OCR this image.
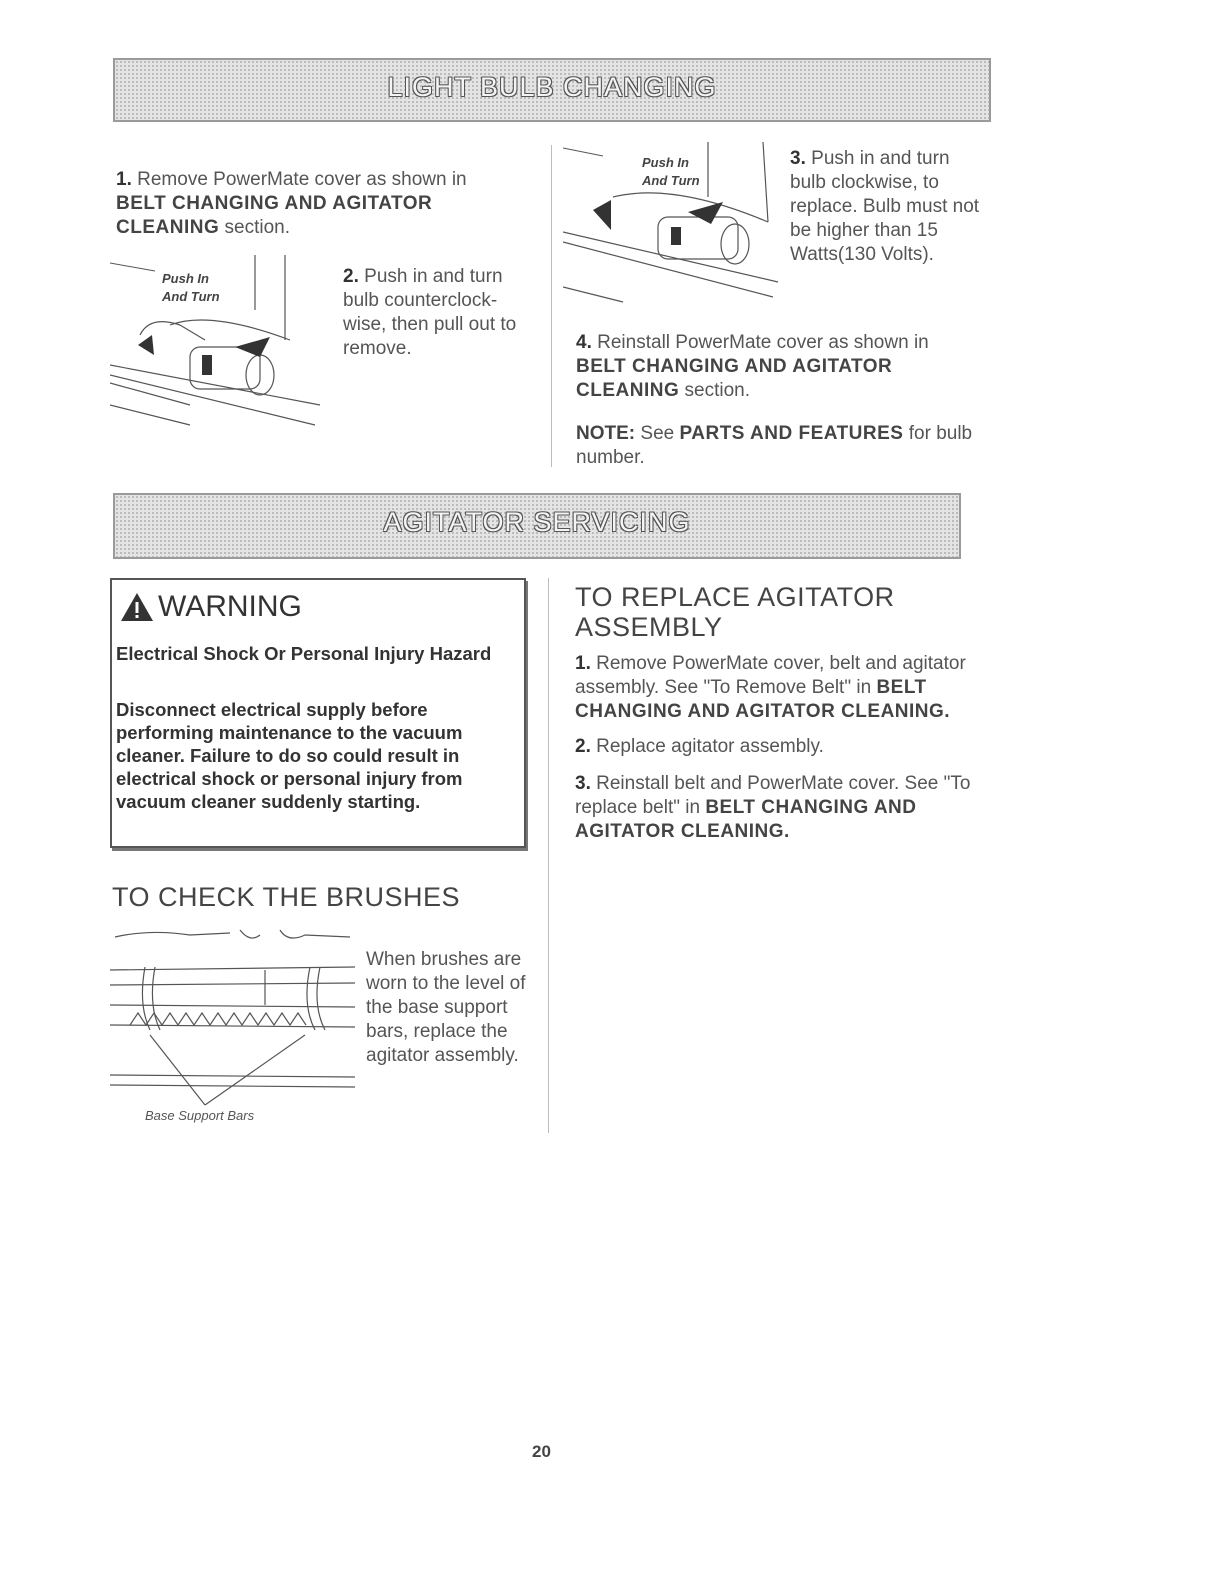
LIGHT BULB CHANGING
1. Remove PowerMate cover as shown in
BELT CHANGING AND AGITATOR CLEANING section.
Push In
And Turn
2. Push in and turn bulb counterclock-wise, then pull out to remove.
Push In
And Turn
3. Push in and turn bulb clockwise, to replace. Bulb must not be higher than 15 Watts(130 Volts).
4. Reinstall PowerMate cover as shown in
BELT CHANGING AND AGITATOR CLEANING section.
NOTE: See PARTS AND FEATURES for bulb number.
AGITATOR SERVICING
WARNING
Electrical Shock Or Personal Injury Hazard
Disconnect electrical supply before performing maintenance to the vacuum cleaner. Failure to do so could result in electrical shock or personal injury from vacuum cleaner suddenly starting.
TO CHECK THE BRUSHES
Base Support Bars
When brushes are worn to the level of the base support bars, replace the agitator assembly.
TO REPLACE AGITATOR
ASSEMBLY
1. Remove PowerMate cover, belt and agitator assembly. See "To Remove Belt" in BELT CHANGING AND AGITATOR CLEANING.
2. Replace agitator assembly.
3. Reinstall belt and PowerMate cover. See "To replace belt" in BELT CHANGING AND AGITATOR CLEANING.
20
